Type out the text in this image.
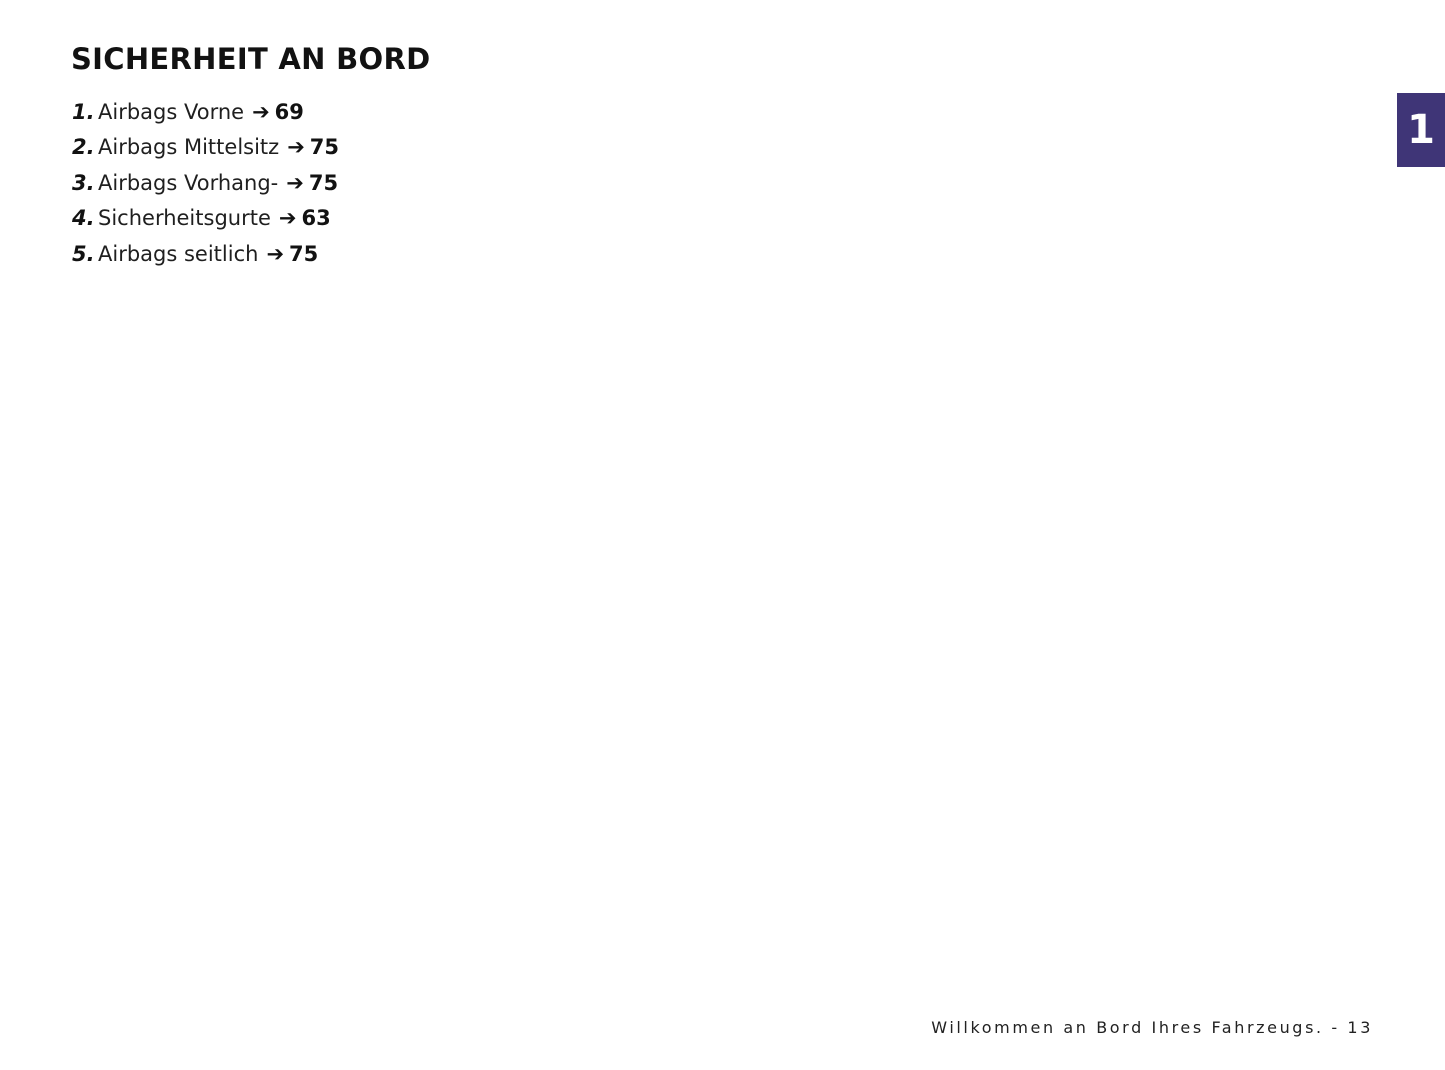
SICHERHEIT AN BORD
1. Airbags Vorne ➔ 69
2. Airbags Mittelsitz ➔ 75
3. Airbags Vorhang- ➔ 75
4. Sicherheitsgurte ➔ 63
5. Airbags seitlich ➔ 75
1
Willkommen an Bord Ihres Fahrzeugs. - 13
